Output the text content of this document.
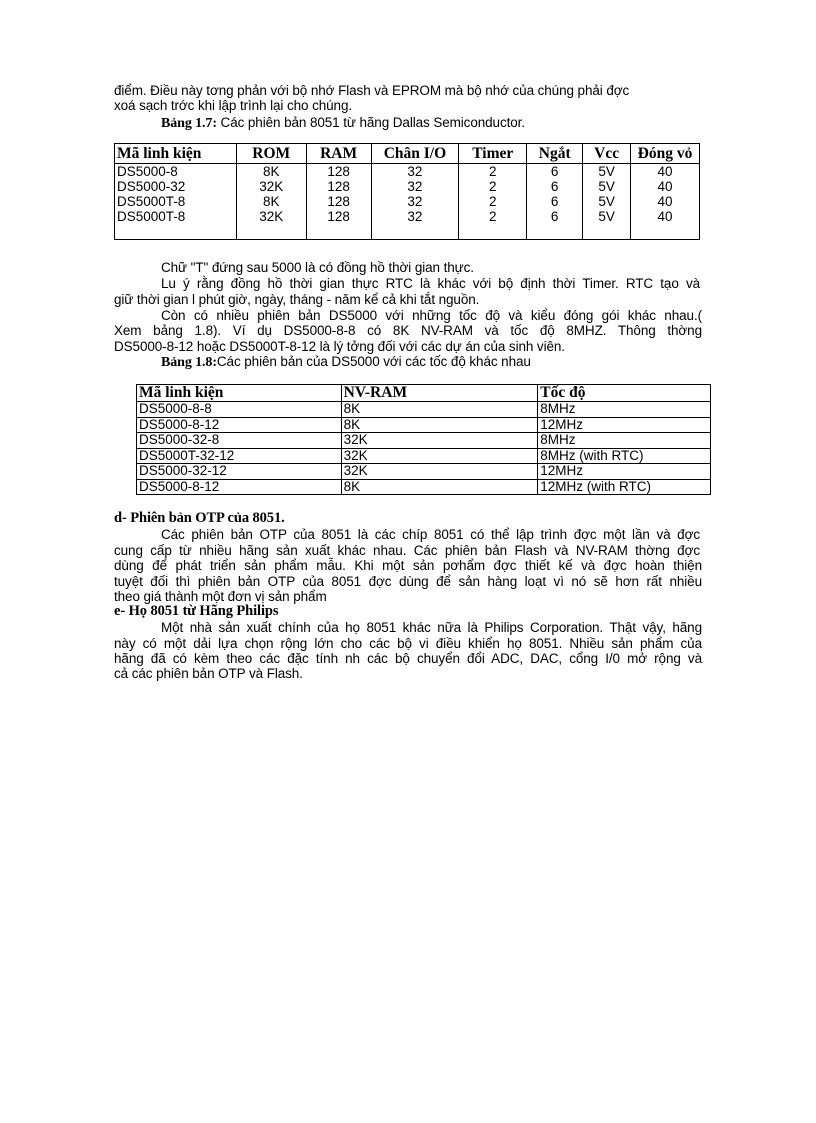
điểm. Điều này tơng phản với bộ nhớ Flash và EPROM mà bộ nhớ của chúng phải đợc
xoá sạch trớc khi lập trình lại cho chúng.
Bảng 1.7: Các phiên bản 8051 từ hãng Dallas Semiconductor.
Mã linh kiện	ROM	RAM	Chân I/O	Timer	Ngắt	Vcc	Đóng vỏ
DS5000-8	8K	128	32	2	6	5V	40
DS5000-32	32K	128	32	2	6	5V	40
DS5000T-8	8K	128	32	2	6	5V	40
DS5000T-8	32K	128	32	2	6	5V	40

Chữ "T" đứng sau 5000 là có đồng hồ thời gian thực.
Lu ý rằng đồng hồ thời gian thực RTC là khác với bộ định thời Timer. RTC tạo và
giữ thời gian l phút giờ, ngày, tháng - năm kể cả khi tắt nguồn.
Còn có nhiều phiên bản DS5000 với những tốc độ và kiểu đóng gói khác nhau.(
Xem bảng 1.8). Ví dụ DS5000-8-8 có 8K NV-RAM và tốc độ 8MHZ. Thông thờng
DS5000-8-12 hoặc DS5000T-8-12 là lý tởng đối với các dự án của sinh viên.
Bảng 1.8:Các phiên bản của DS5000 với các tốc độ khác nhau
Mã linh kiện	NV-RAM	Tốc độ
DS5000-8-8	8K	8MHz
DS5000-8-12	8K	12MHz
DS5000-32-8	32K	8MHz
DS5000T-32-12	32K	8MHz (with RTC)
DS5000-32-12	32K	12MHz
DS5000-8-12	8K	12MHz (with RTC)
d- Phiên bản OTP của 8051.
Các phiên bản OTP của 8051 là các chíp 8051 có thể lập trình đợc một lần và đợc
cung cấp từ nhiều hãng sản xuất khác nhau. Các phiên bản Flash và NV-RAM thờng đợc
dùng để phát triển sản phẩm mẫu. Khi một sản pơhẩm đợc thiết kế và đợc hoàn thiện
tuyệt đối thì phiên bản OTP của 8051 đợc dùng để sản hàng loạt vì nó sẽ hơn rất nhiều
theo giá thành một đơn vị sản phẩm
e- Họ 8051 từ Hãng Philips
Một nhà sản xuất chính của họ 8051 khác nữa là Philips Corporation. Thật vậy, hãng
này có một dải lựa chọn rộng lớn cho các bộ vi điều khiển họ 8051. Nhiều sản phẩm của
hãng đã có kèm theo các đặc tính nh các bộ chuyển đổi ADC, DAC, cổng I/0 mở rộng và
cả các phiên bản OTP và Flash.
